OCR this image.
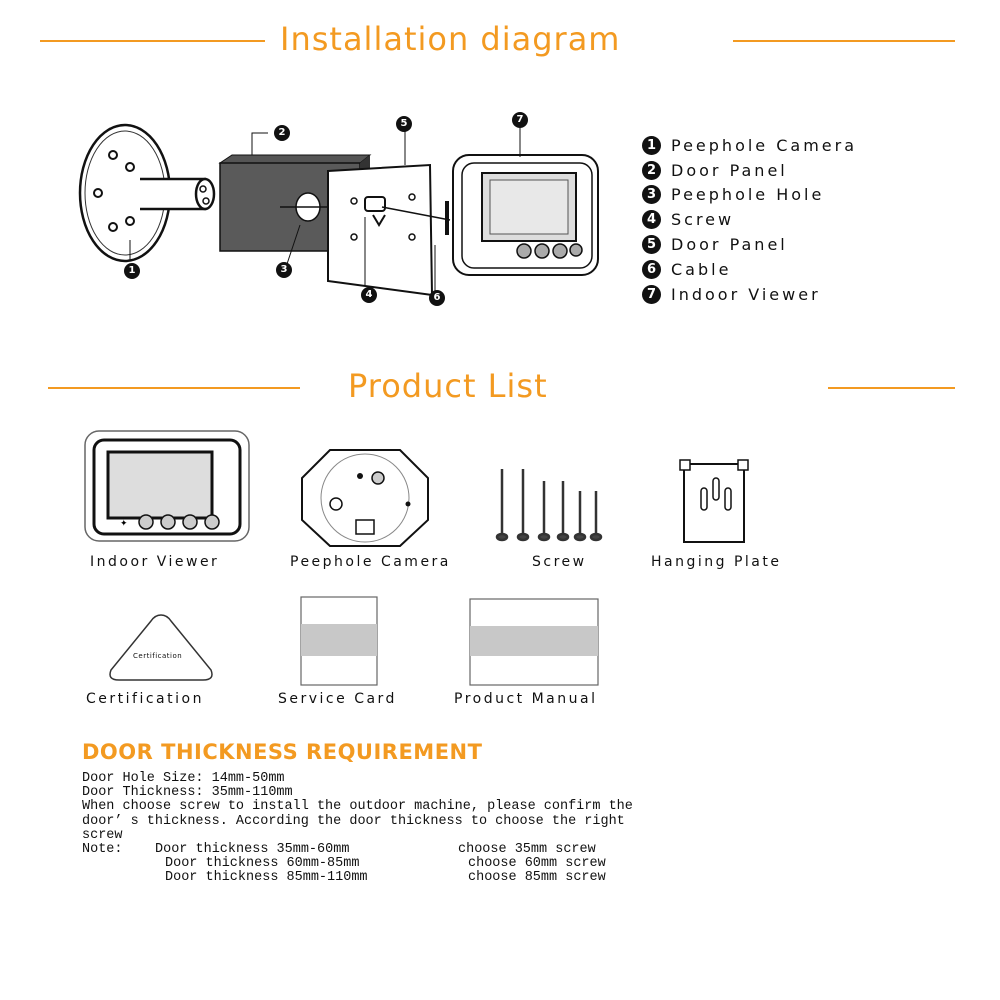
Installation diagram
1
2
3
4
5
6
7
1 Peephole Camera
2 Door Panel
3 Peephole Hole
4 Screw
5 Door Panel
6 Cable
7 Indoor Viewer
Product List
✦
Indoor Viewer	Peephole Camera	Screw	Hanging Plate
Certification
Certification	Service Card	Product Manual
DOOR THICKNESS REQUIREMENT
Door Hole Size: 14mm-50mm
Door Thickness: 35mm-110mm
When choose screw to install the outdoor machine, please confirm the
door’ s thickness. According the door thickness to choose the right
screw
Note: Door thickness 35mm-60mm	choose 35mm screw
Door thickness 60mm-85mm	choose 60mm screw
Door thickness 85mm-110mm	choose 85mm screw
